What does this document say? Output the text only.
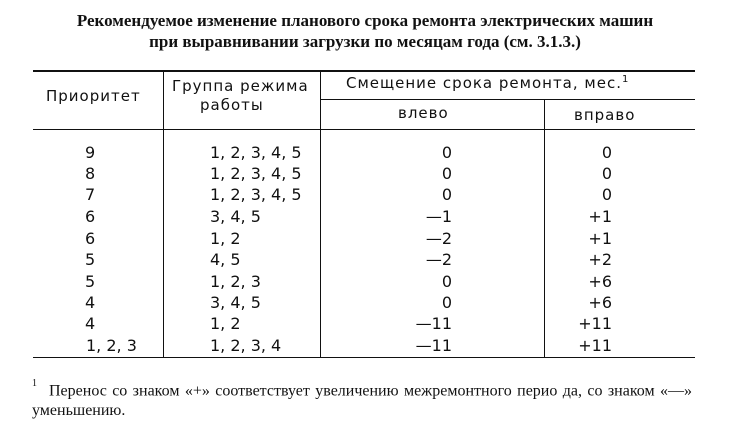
Рекомендуемое изменение планового срока ремонта электрических машин
при выравнивании загрузки по месяцам года (см. 3.1.3.)
Приоритет
Группа режима
работы
Смещение срока ремонта, мес.$^1$
влево	вправо
9	1, 2, 3, 4, 5	0	0
8	1, 2, 3, 4, 5	0	0
7	1, 2, 3, 4, 5	0	0
6	3, 4, 5	—1	+1
6	1, 2	—2	+1
5	4, 5	—2	+2
5	1, 2, 3	0	+6
4	3, 4, 5	0	+6
4	1, 2	—11	+11
1, 2, 3	1, 2, 3, 4	—11	+11
$^1$ Перенос со знаком «+» соответствует увеличению межремонтного перио да, со знаком «—» уменьшению.
